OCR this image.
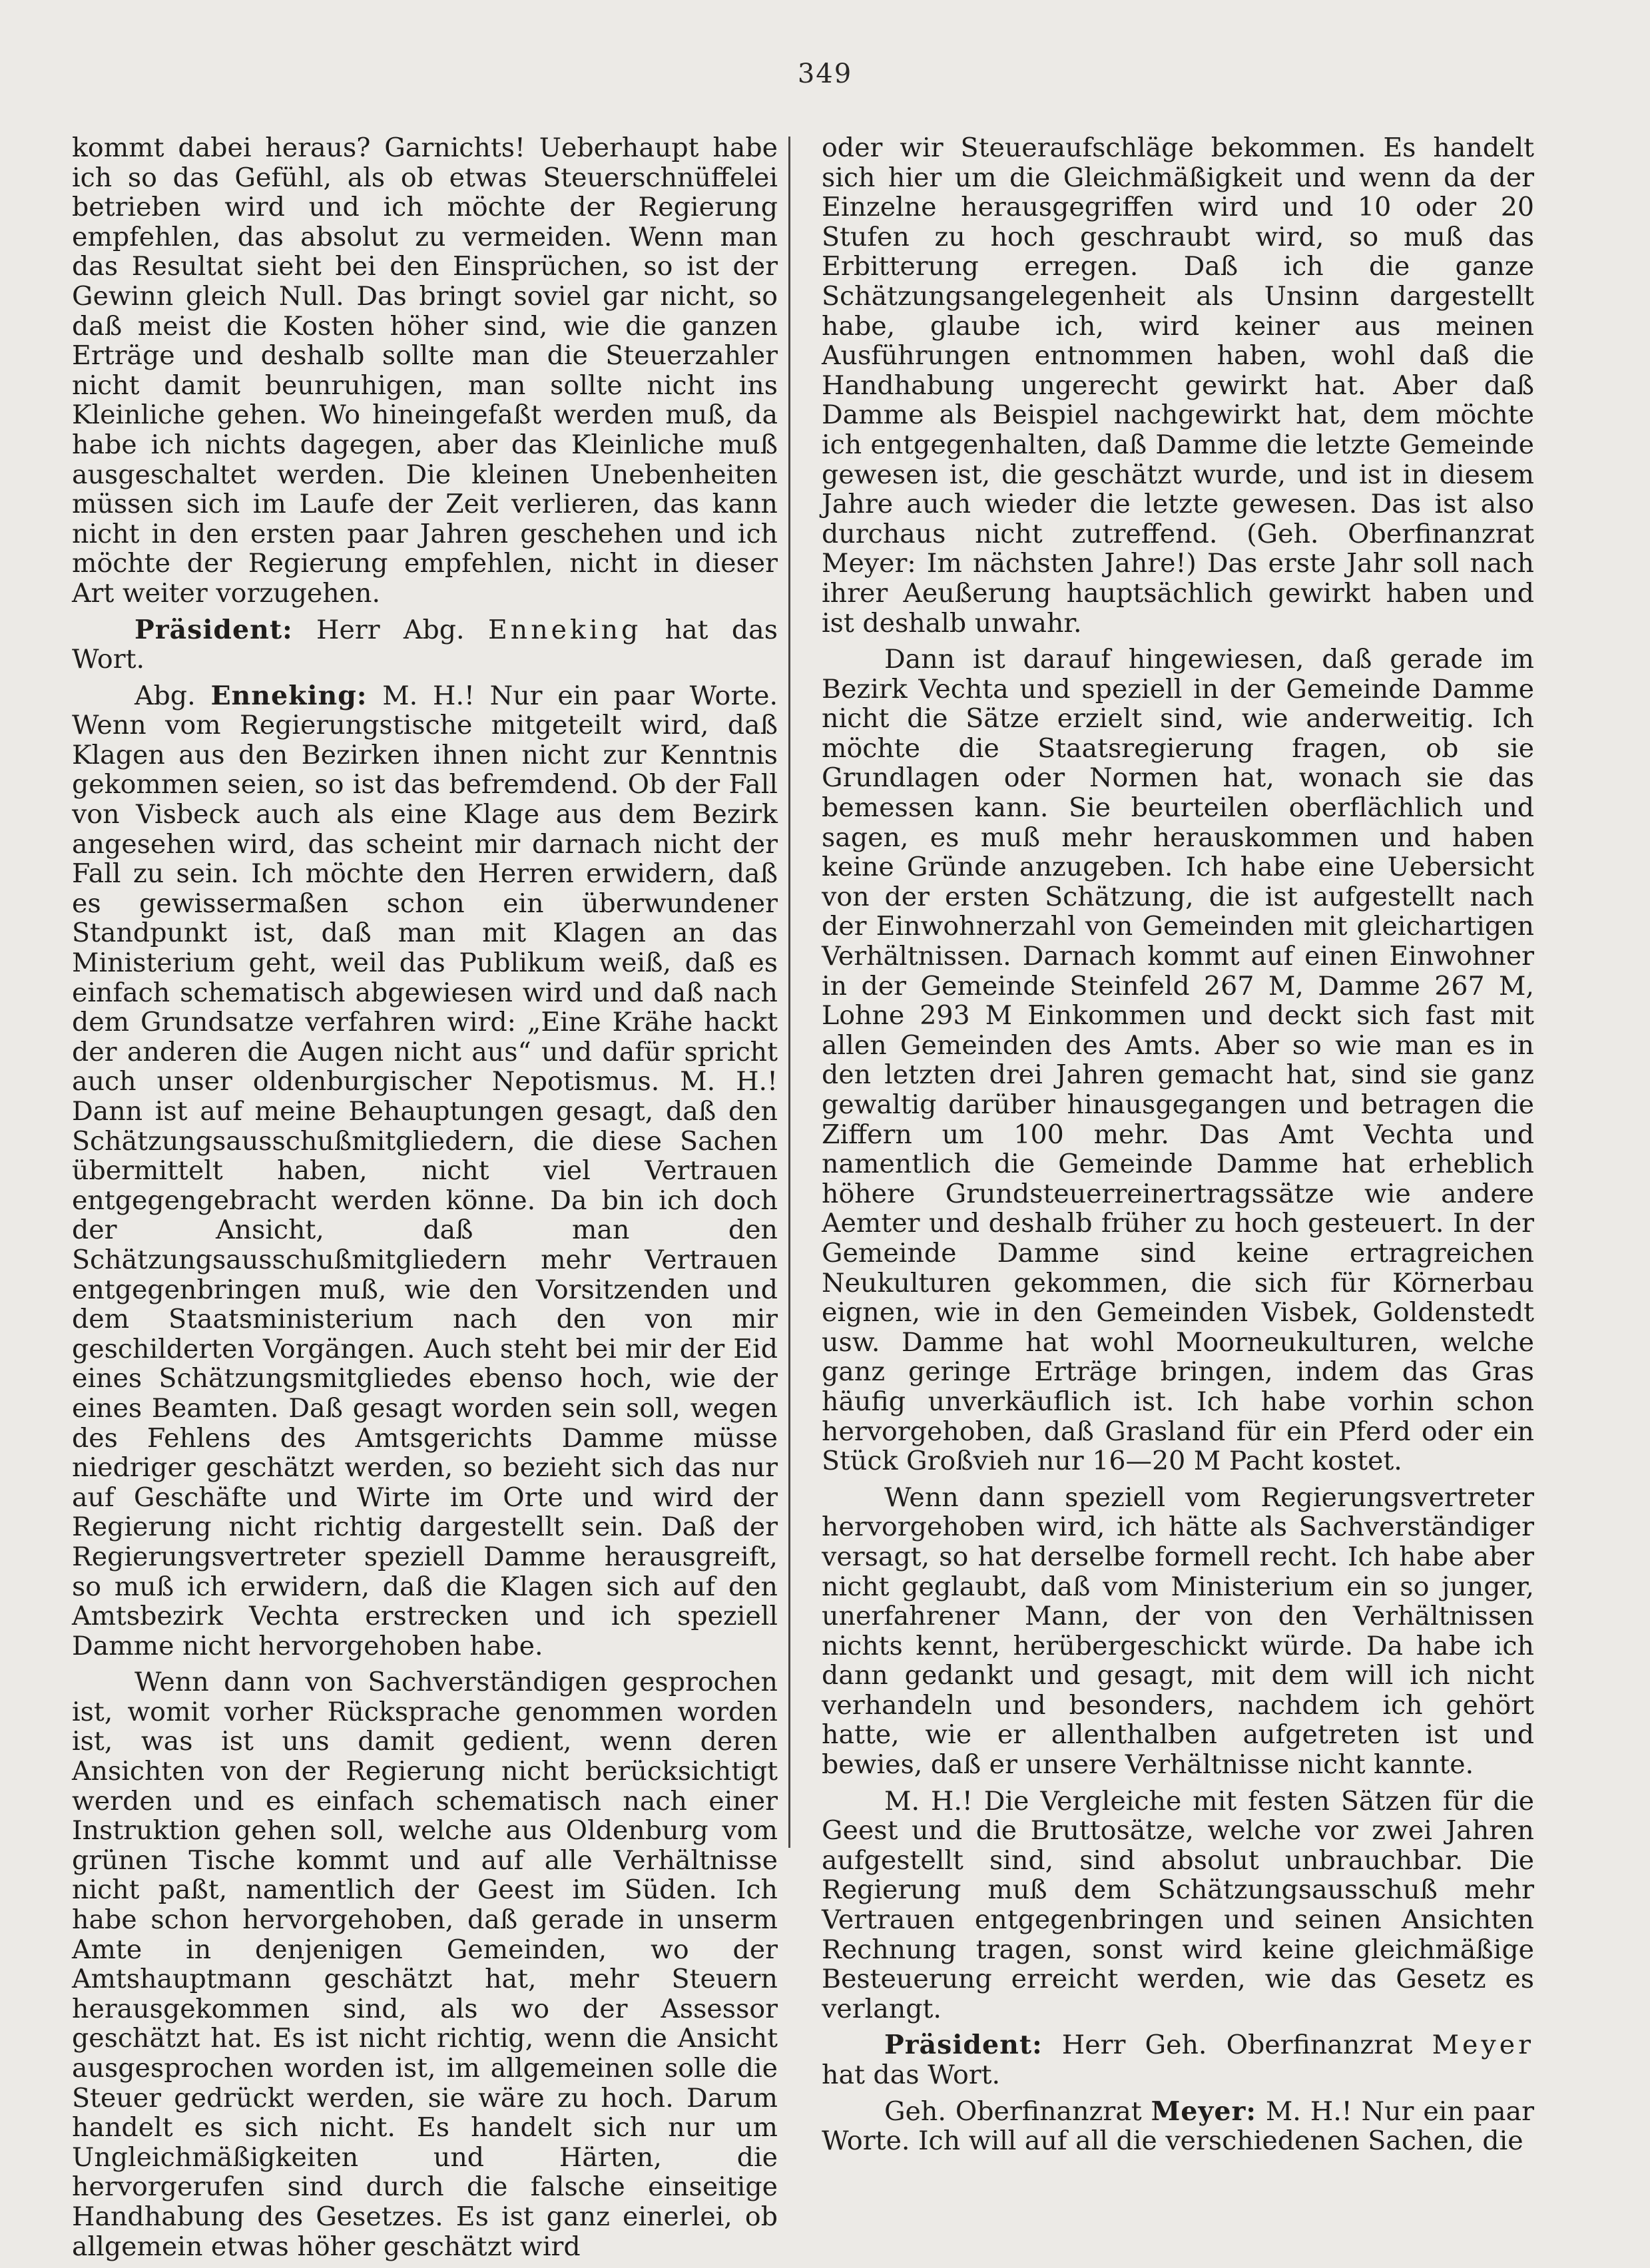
349

kommt dabei heraus? Garnichts! Ueberhaupt habe ich so das Gefühl, als ob etwas Steuerschnüffelei betrieben wird und ich möchte der Regierung empfehlen, das absolut zu vermeiden. Wenn man das Resultat sieht bei den Einsprüchen, so ist der Gewinn gleich Null. Das bringt soviel gar nicht, so daß meist die Kosten höher sind, wie die ganzen Erträge und deshalb sollte man die Steuerzahler nicht damit beunruhigen, man sollte nicht ins Kleinliche gehen. Wo hineingefaßt werden muß, da habe ich nichts dagegen, aber das Kleinliche muß ausgeschaltet werden. Die kleinen Unebenheiten müssen sich im Laufe der Zeit verlieren, das kann nicht in den ersten paar Jahren geschehen und ich möchte der Regierung empfehlen, nicht in dieser Art weiter vorzugehen.

Präsident: Herr Abg. Enneking hat das Wort.

Abg. Enneking: M. H.! Nur ein paar Worte. Wenn vom Regierungstische mitgeteilt wird, daß Klagen aus den Bezirken ihnen nicht zur Kenntnis gekommen seien, so ist das befremdend. Ob der Fall von Visbeck auch als eine Klage aus dem Bezirk angesehen wird, das scheint mir darnach nicht der Fall zu sein. Ich möchte den Herren erwidern, daß es gewissermaßen schon ein überwundener Standpunkt ist, daß man mit Klagen an das Ministerium geht, weil das Publikum weiß, daß es einfach schematisch abgewiesen wird und daß nach dem Grundsatze verfahren wird: „Eine Krähe hackt der anderen die Augen nicht aus“ und dafür spricht auch unser oldenburgischer Nepotismus. M. H.! Dann ist auf meine Behauptungen gesagt, daß den Schätzungsausschußmitgliedern, die diese Sachen übermittelt haben, nicht viel Vertrauen entgegengebracht werden könne. Da bin ich doch der Ansicht, daß man den Schätzungsausschußmitgliedern mehr Vertrauen entgegenbringen muß, wie den Vorsitzenden und dem Staatsministerium nach den von mir geschilderten Vorgängen. Auch steht bei mir der Eid eines Schätzungsmitgliedes ebenso hoch, wie der eines Beamten. Daß gesagt worden sein soll, wegen des Fehlens des Amtsgerichts Damme müsse niedriger geschätzt werden, so bezieht sich das nur auf Geschäfte und Wirte im Orte und wird der Regierung nicht richtig dargestellt sein. Daß der Regierungsvertreter speziell Damme herausgreift, so muß ich erwidern, daß die Klagen sich auf den Amtsbezirk Vechta erstrecken und ich speziell Damme nicht hervorgehoben habe.

Wenn dann von Sachverständigen gesprochen ist, womit vorher Rücksprache genommen worden ist, was ist uns damit gedient, wenn deren Ansichten von der Regierung nicht berücksichtigt werden und es einfach schematisch nach einer Instruktion gehen soll, welche aus Oldenburg vom grünen Tische kommt und auf alle Verhältnisse nicht paßt, namentlich der Geest im Süden. Ich habe schon hervorgehoben, daß gerade in unserm Amte in denjenigen Gemeinden, wo der Amtshauptmann geschätzt hat, mehr Steuern herausgekommen sind, als wo der Assessor geschätzt hat. Es ist nicht richtig, wenn die Ansicht ausgesprochen worden ist, im allgemeinen solle die Steuer gedrückt werden, sie wäre zu hoch. Darum handelt es sich nicht. Es handelt sich nur um Ungleichmäßigkeiten und Härten, die hervorgerufen sind durch die falsche einseitige Handhabung des Gesetzes. Es ist ganz einerlei, ob allgemein etwas höher geschätzt wird

oder wir Steueraufschläge bekommen. Es handelt sich hier um die Gleichmäßigkeit und wenn da der Einzelne herausgegriffen wird und 10 oder 20 Stufen zu hoch geschraubt wird, so muß das Erbitterung erregen. Daß ich die ganze Schätzungsangelegenheit als Unsinn dargestellt habe, glaube ich, wird keiner aus meinen Ausführungen entnommen haben, wohl daß die Handhabung ungerecht gewirkt hat. Aber daß Damme als Beispiel nachgewirkt hat, dem möchte ich entgegenhalten, daß Damme die letzte Gemeinde gewesen ist, die geschätzt wurde, und ist in diesem Jahre auch wieder die letzte gewesen. Das ist also durchaus nicht zutreffend. (Geh. Oberfinanzrat Meyer: Im nächsten Jahre!) Das erste Jahr soll nach ihrer Aeußerung hauptsächlich gewirkt haben und ist deshalb unwahr.

Dann ist darauf hingewiesen, daß gerade im Bezirk Vechta und speziell in der Gemeinde Damme nicht die Sätze erzielt sind, wie anderweitig. Ich möchte die Staatsregierung fragen, ob sie Grundlagen oder Normen hat, wonach sie das bemessen kann. Sie beurteilen oberflächlich und sagen, es muß mehr herauskommen und haben keine Gründe anzugeben. Ich habe eine Uebersicht von der ersten Schätzung, die ist aufgestellt nach der Einwohnerzahl von Gemeinden mit gleichartigen Verhältnissen. Darnach kommt auf einen Einwohner in der Gemeinde Steinfeld 267 M, Damme 267 M, Lohne 293 M Einkommen und deckt sich fast mit allen Gemeinden des Amts. Aber so wie man es in den letzten drei Jahren gemacht hat, sind sie ganz gewaltig darüber hinausgegangen und betragen die Ziffern um 100 mehr. Das Amt Vechta und namentlich die Gemeinde Damme hat erheblich höhere Grundsteuerreinertragssätze wie andere Aemter und deshalb früher zu hoch gesteuert. In der Gemeinde Damme sind keine ertragreichen Neukulturen gekommen, die sich für Körnerbau eignen, wie in den Gemeinden Visbek, Goldenstedt usw. Damme hat wohl Moorneukulturen, welche ganz geringe Erträge bringen, indem das Gras häufig unverkäuflich ist. Ich habe vorhin schon hervorgehoben, daß Grasland für ein Pferd oder ein Stück Großvieh nur 16—20 M Pacht kostet.

Wenn dann speziell vom Regierungsvertreter hervorgehoben wird, ich hätte als Sachverständiger versagt, so hat derselbe formell recht. Ich habe aber nicht geglaubt, daß vom Ministerium ein so junger, unerfahrener Mann, der von den Verhältnissen nichts kennt, herübergeschickt würde. Da habe ich dann gedankt und gesagt, mit dem will ich nicht verhandeln und besonders, nachdem ich gehört hatte, wie er allenthalben aufgetreten ist und bewies, daß er unsere Verhältnisse nicht kannte.

M. H.! Die Vergleiche mit festen Sätzen für die Geest und die Bruttosätze, welche vor zwei Jahren aufgestellt sind, sind absolut unbrauchbar. Die Regierung muß dem Schätzungsausschuß mehr Vertrauen entgegenbringen und seinen Ansichten Rechnung tragen, sonst wird keine gleichmäßige Besteuerung erreicht werden, wie das Gesetz es verlangt.

Präsident: Herr Geh. Oberfinanzrat Meyer hat das Wort.

Geh. Oberfinanzrat Meyer: M. H.! Nur ein paar Worte. Ich will auf all die verschiedenen Sachen, die
